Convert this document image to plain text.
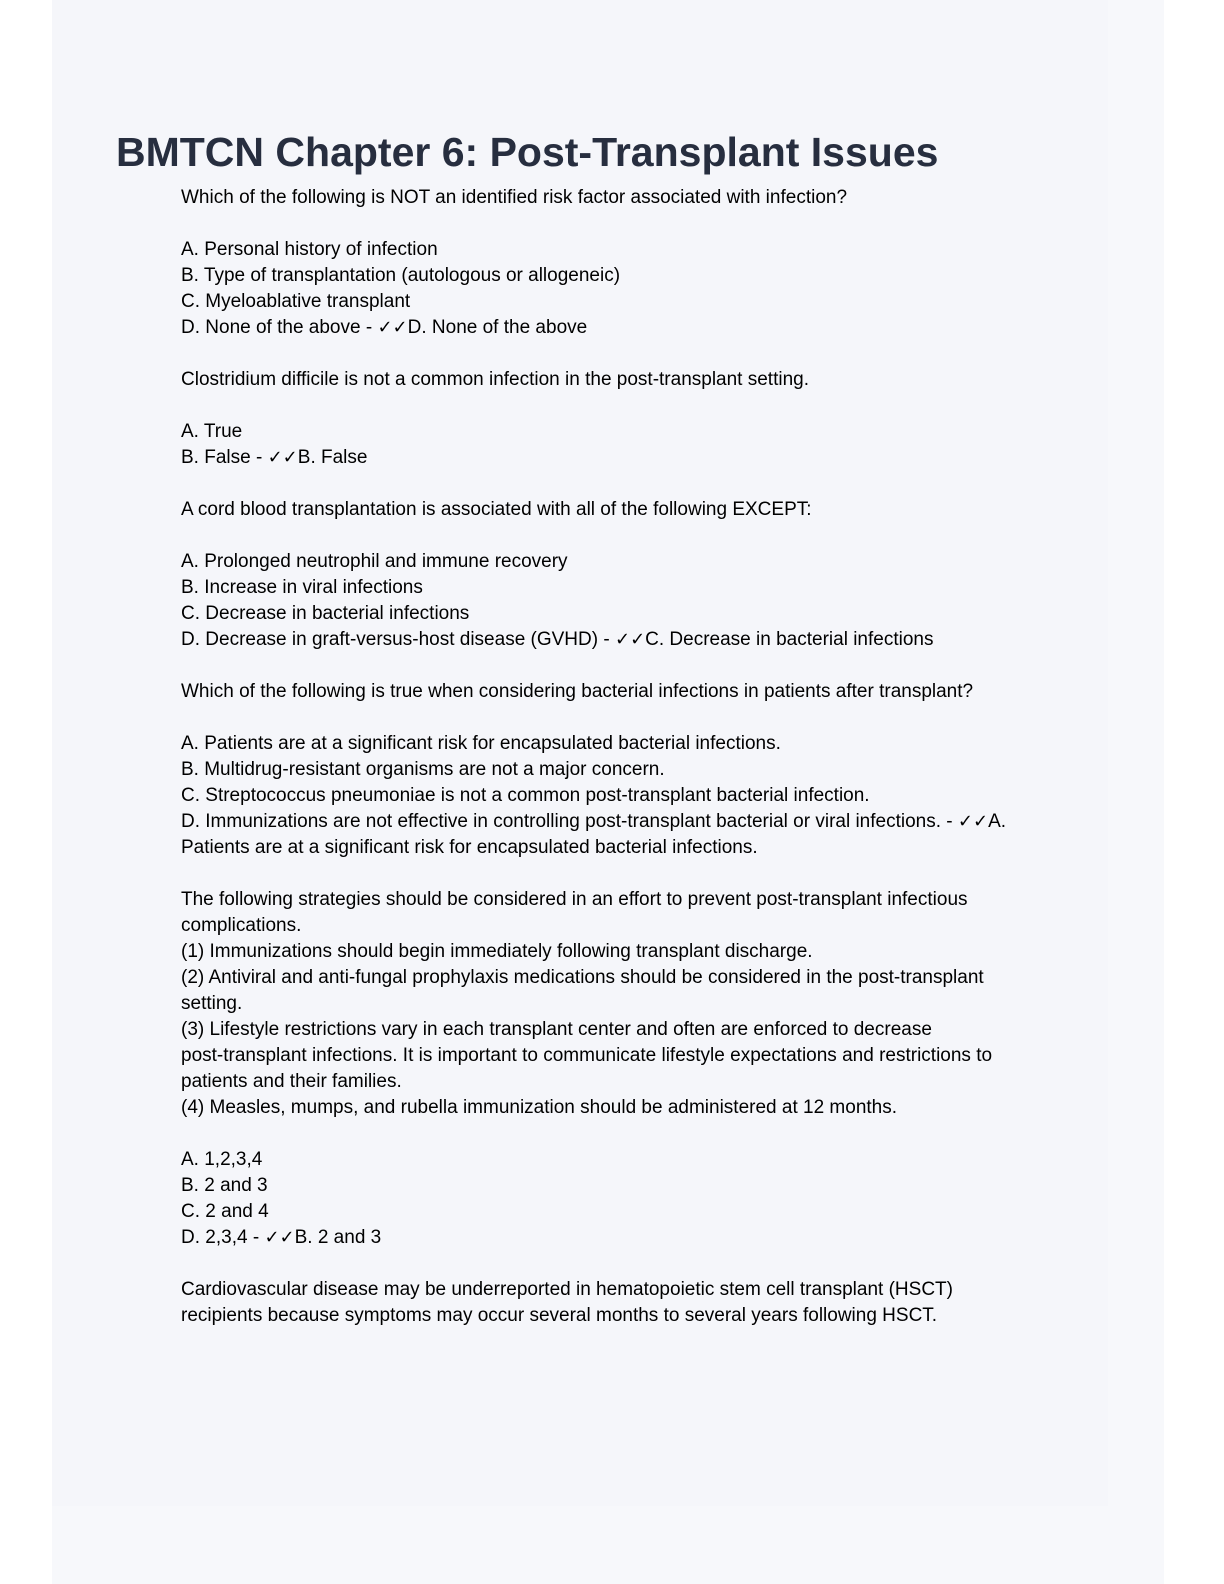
BMTCN Chapter 6: Post-Transplant Issues
Which of the following is NOT an identified risk factor associated with infection?
A. Personal history of infection
B. Type of transplantation (autologous or allogeneic)
C. Myeloablative transplant
D. None of the above - ✓✓D. None of the above
Clostridium difficile is not a common infection in the post-transplant setting.
A. True
B. False - ✓✓B. False
A cord blood transplantation is associated with all of the following EXCEPT:
A. Prolonged neutrophil and immune recovery
B. Increase in viral infections
C. Decrease in bacterial infections
D. Decrease in graft-versus-host disease (GVHD) - ✓✓C. Decrease in bacterial infections
Which of the following is true when considering bacterial infections in patients after transplant?
A. Patients are at a significant risk for encapsulated bacterial infections.
B. Multidrug-resistant organisms are not a major concern.
C. Streptococcus pneumoniae is not a common post-transplant bacterial infection.
D. Immunizations are not effective in controlling post-transplant bacterial or viral infections. - ✓✓A.
Patients are at a significant risk for encapsulated bacterial infections.
The following strategies should be considered in an effort to prevent post-transplant infectious
complications.
(1) Immunizations should begin immediately following transplant discharge.
(2) Antiviral and anti-fungal prophylaxis medications should be considered in the post-transplant
setting.
(3) Lifestyle restrictions vary in each transplant center and often are enforced to decrease
post-transplant infections. It is important to communicate lifestyle expectations and restrictions to
patients and their families.
(4) Measles, mumps, and rubella immunization should be administered at 12 months.
A. 1,2,3,4
B. 2 and 3
C. 2 and 4
D. 2,3,4 - ✓✓B. 2 and 3
Cardiovascular disease may be underreported in hematopoietic stem cell transplant (HSCT)
recipients because symptoms may occur several months to several years following HSCT.
